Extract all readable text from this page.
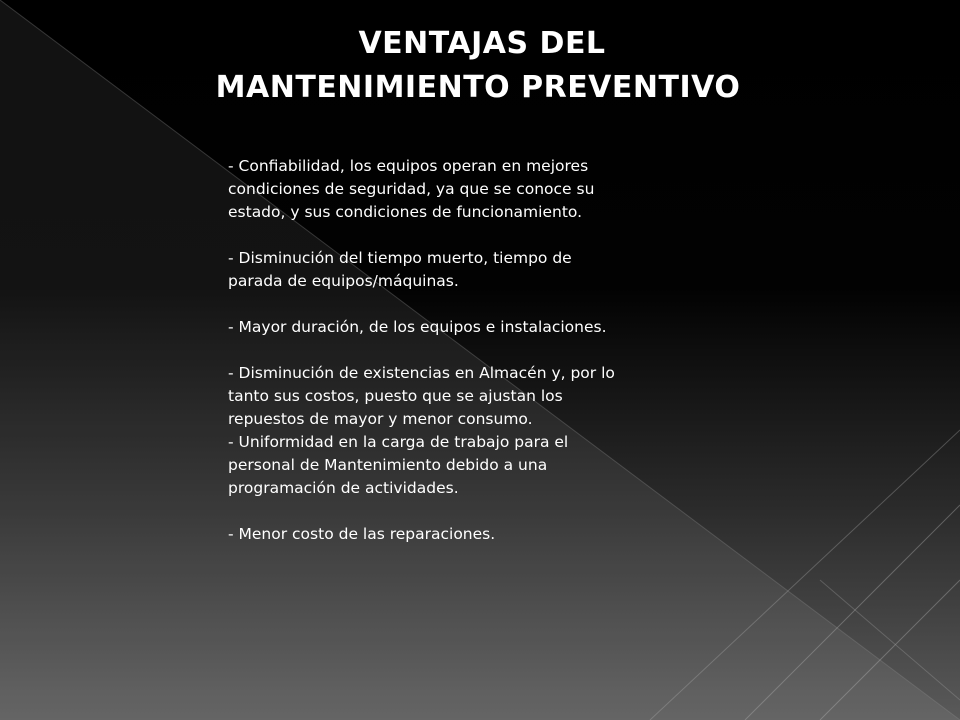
VENTAJAS DEL
MANTENIMIENTO PREVENTIVO

- Confiabilidad, los equipos operan en mejores
condiciones de seguridad, ya que se conoce su
estado, y sus condiciones de funcionamiento.

- Disminución del tiempo muerto, tiempo de
parada de equipos/máquinas.

- Mayor duración, de los equipos e instalaciones.

- Disminución de existencias en Almacén y, por lo
tanto sus costos, puesto que se ajustan los
repuestos de mayor y menor consumo.

- Uniformidad en la carga de trabajo para el
personal de Mantenimiento debido a una
programación de actividades.

- Menor costo de las reparaciones.
